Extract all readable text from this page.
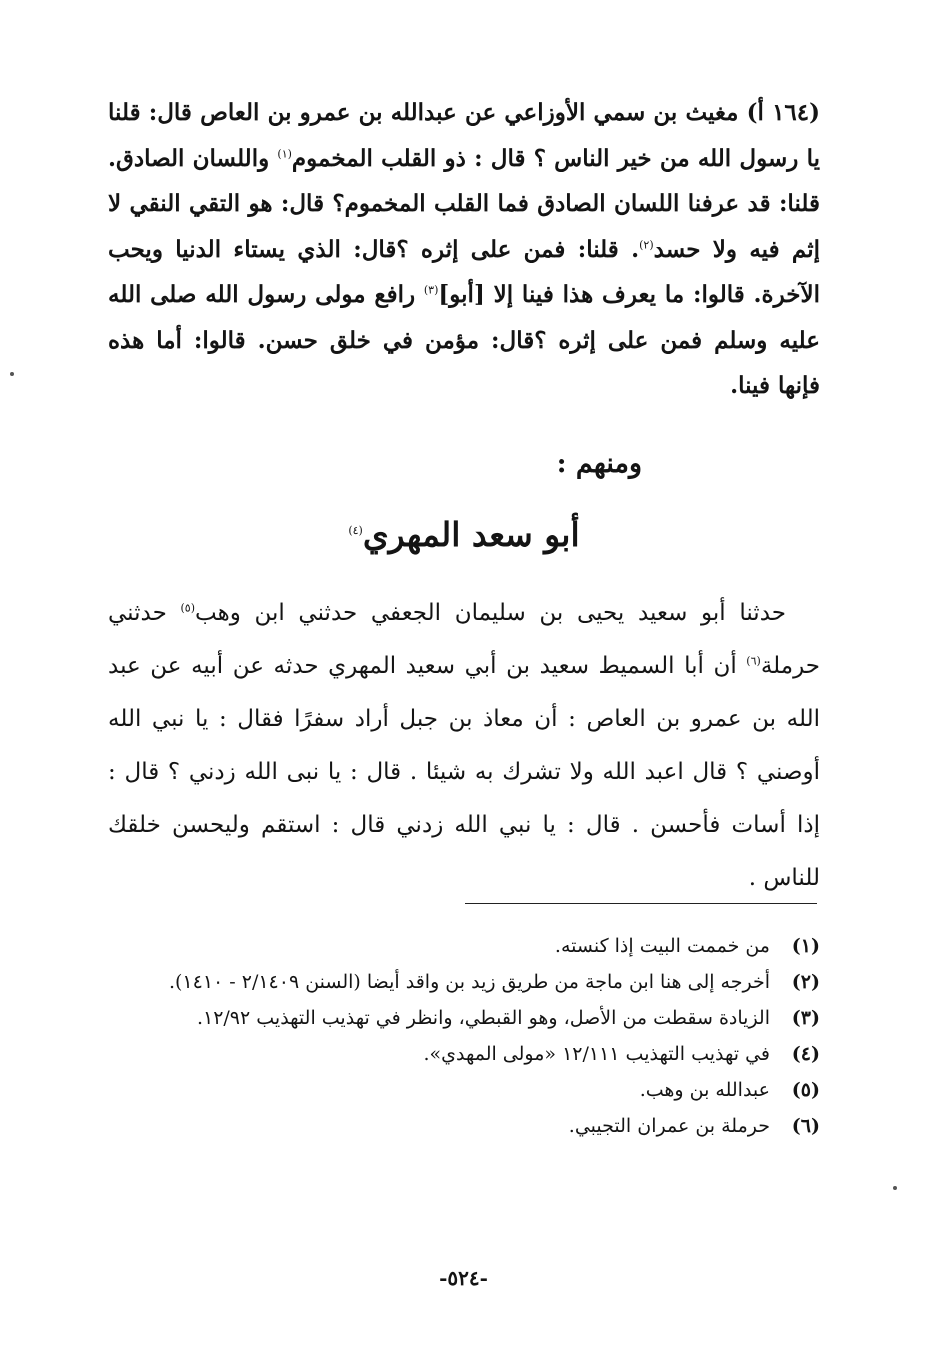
(١٦٤ أ) مغيث بن سمي الأوزاعي عن عبدالله بن عمرو بن العاص قال: قلنا يا رسول الله من خير الناس ؟ قال : ذو القلب المخموم$^{(١)}$ واللسان الصادق. قلنا: قد عرفنا اللسان الصادق فما القلب المخموم؟ قال: هو التقي النقي لا إثم فيه ولا حسد$^{(٢)}$. قلنا: فمن على إثره ؟قال: الذي يستاء الدنيا ويحب الآخرة. قالوا: ما يعرف هذا فينا إلا [أبو]$^{(٣)}$ رافع مولى رسول الله صلى الله عليه وسلم فمن على إثره ؟قال: مؤمن في خلق حسن. قالوا: أما هذه فإنها فينا.

ومنهم :
أبو سعد المهري$^{(٤)}$

حدثنا أبو سعيد يحيى بن سليمان الجعفي حدثني ابن وهب$^{(٥)}$ حدثني حرملة$^{(٦)}$ أن أبا السميط سعيد بن أبي سعيد المهري حدثه عن أبيه عن عبد الله بن عمرو بن العاص : أن معاذ بن جبل أراد سفرًا فقال : يا نبي الله أوصني ؟ قال اعبد الله ولا تشرك به شيئا . قال : يا نبى الله زدني ؟ قال : إذا أسات فأحسن . قال : يا نبي الله زدني قال : استقم وليحسن خلقك للناس .

(١)
من خممت البيت إذا كنسته.
(٢)
أخرجه إلى هنا ابن ماجة من طريق زيد بن واقد أيضا (السنن ٢/١٤٠٩ - ١٤١٠).
(٣)
الزيادة سقطت من الأصل، وهو القبطي، وانظر في تهذيب التهذيب ١٢/٩٢.
(٤)
في تهذيب التهذيب ١٢/١١١ «مولى المهدي».
(٥)
عبدالله بن وهب.
(٦)
حرملة بن عمران التجيبي.
-٥٢٤-
